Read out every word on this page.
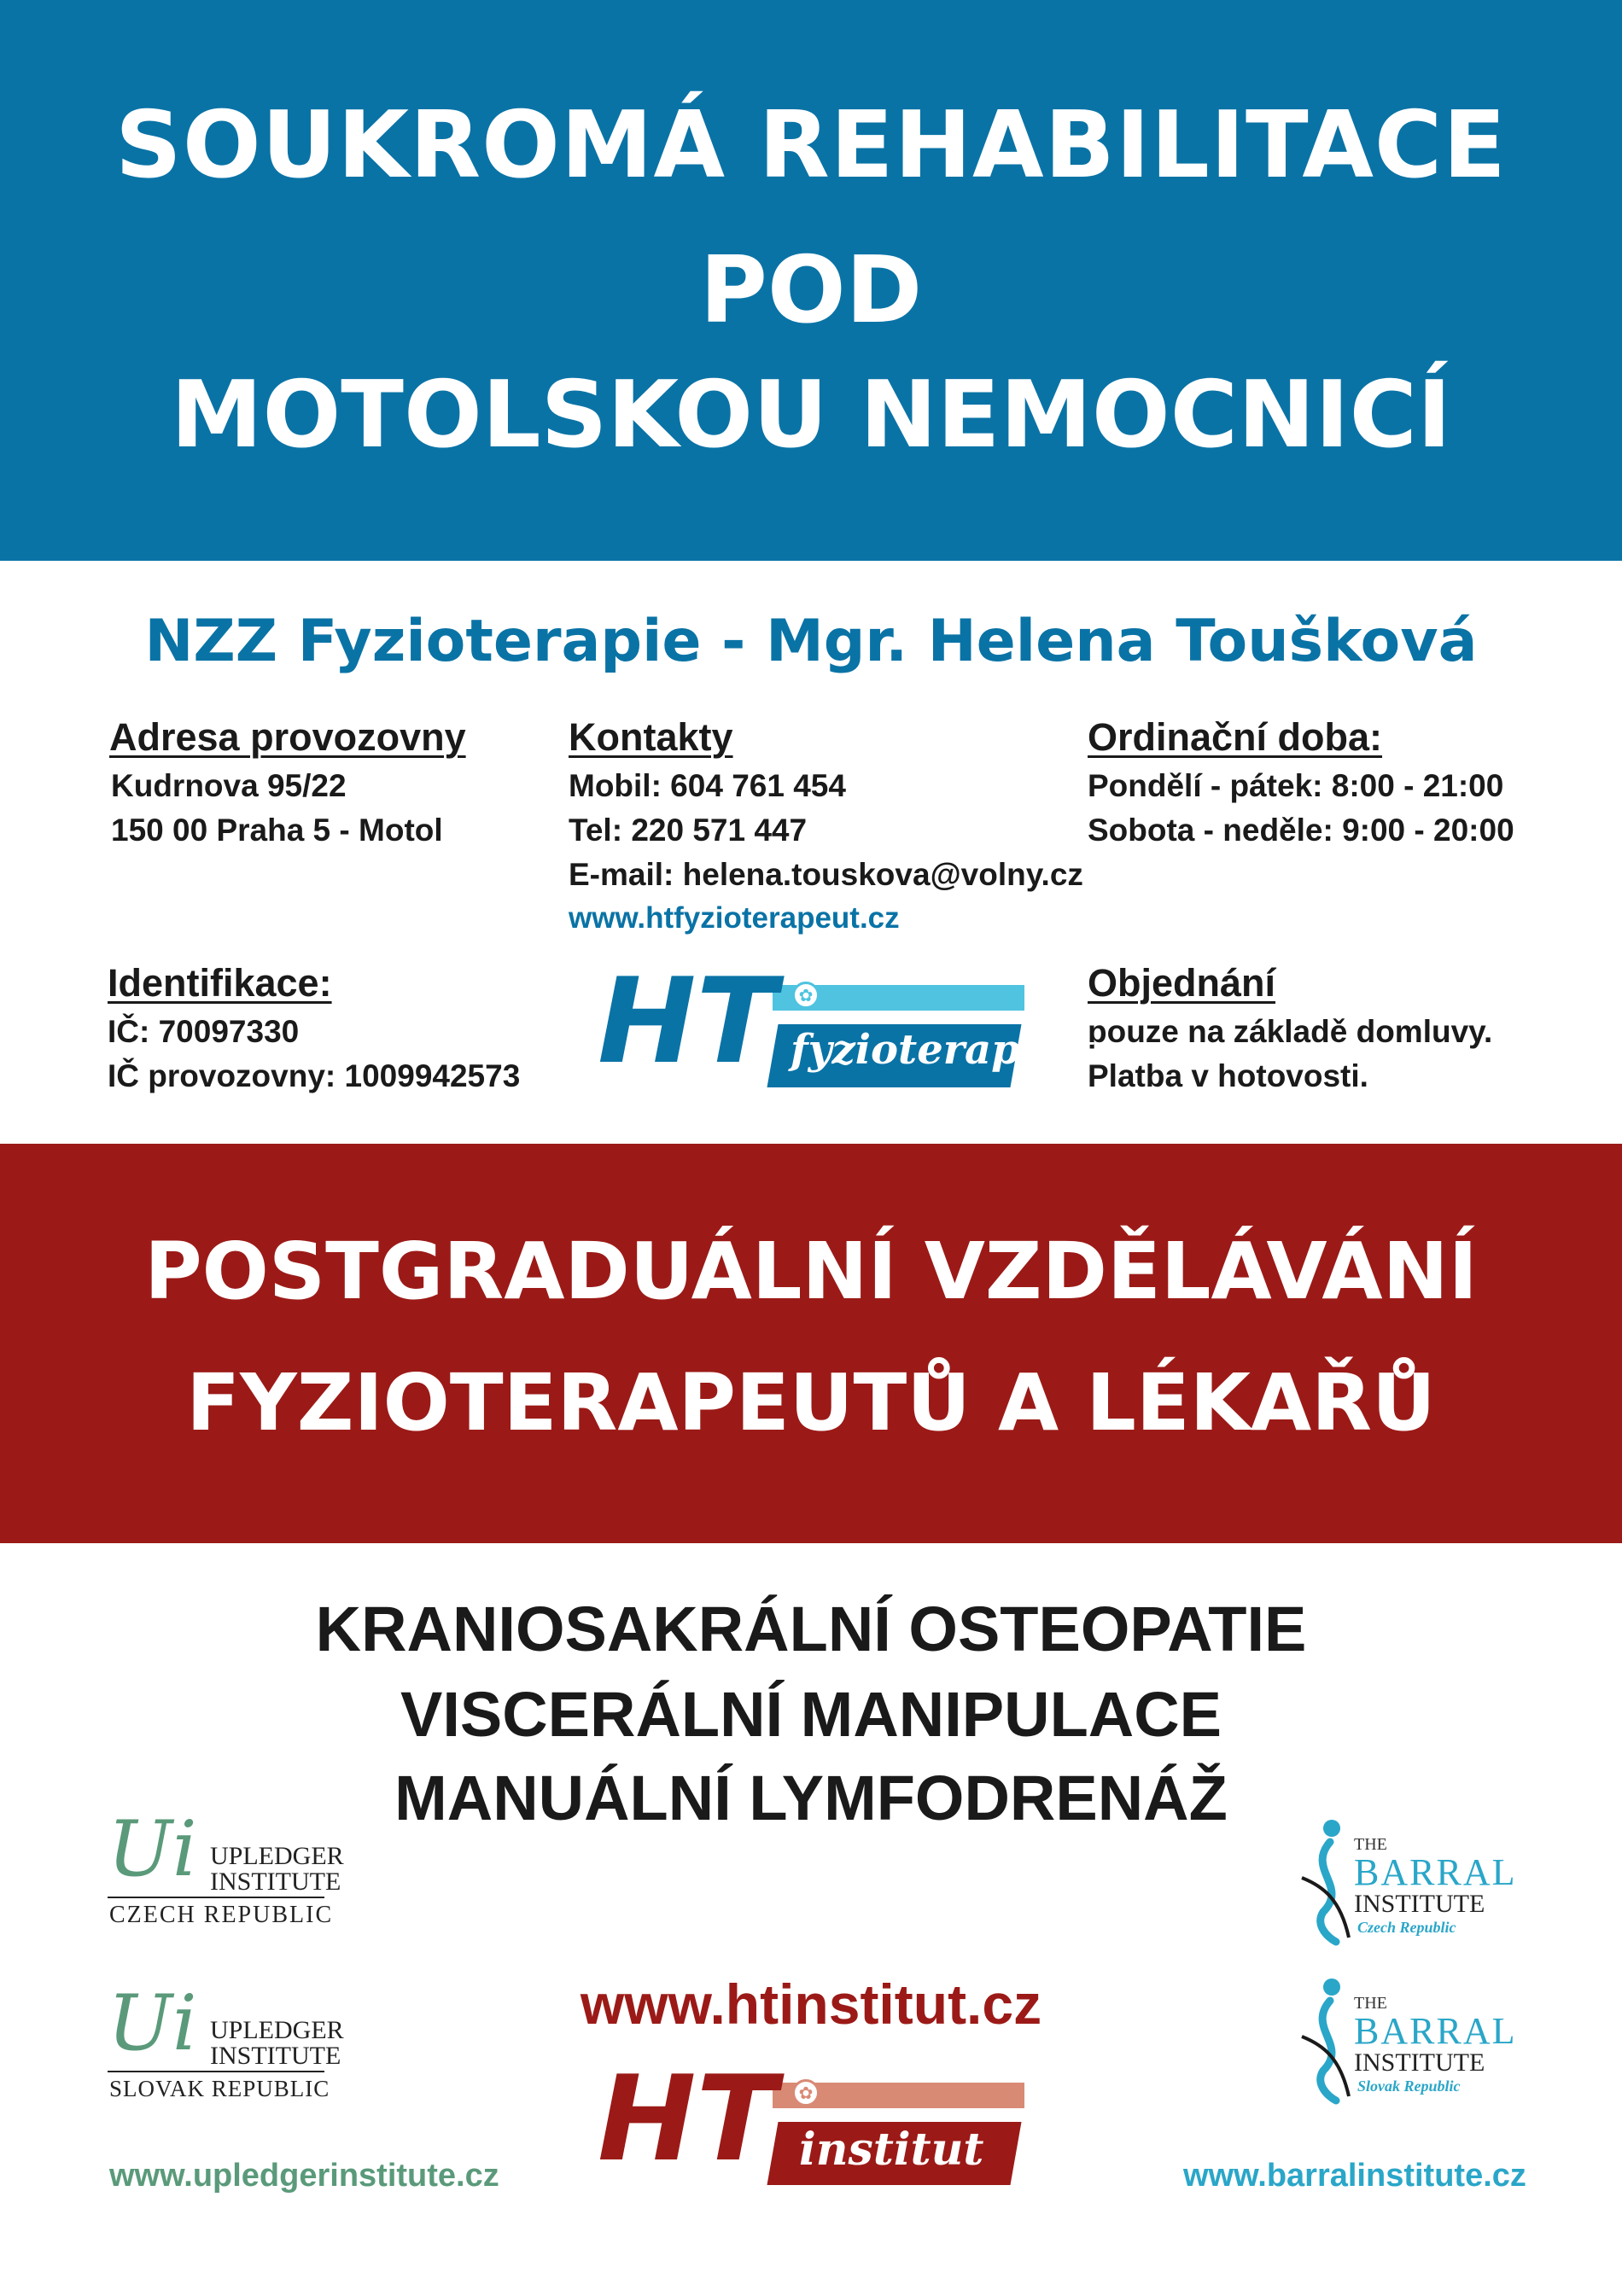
SOUKROMÁ REHABILITACE
POD
MOTOLSKOU NEMOCNICÍ
NZZ Fyzioterapie - Mgr. Helena Toušková
Adresa provozovny
Kudrnova 95/22
150 00 Praha 5 - Motol
Kontakty
Mobil: 604 761 454
Tel: 220 571 447
E-mail: helena.touskova@volny.cz
www.htfyzioterapeut.cz
Ordinační doba:
Pondělí - pátek: 8:00 - 21:00
Sobota - neděle: 9:00 - 20:00
Identifikace:
IČ: 70097330
IČ provozovny: 1009942573
Objednání
pouze na základě domluvy.
Platba v hotovosti.
fyzioterapeut
HT	✿
POSTGRADUÁLNÍ VZDĚLÁVÁNÍ
FYZIOTERAPEUTŮ A LÉKAŘŮ
KRANIOSAKRÁLNÍ OSTEOPATIE
VISCERÁLNÍ MANIPULACE
MANUÁLNÍ LYMFODRENÁŽ
Ui UPLEDGER
INSTITUTE
CZECH REPUBLIC
Ui UPLEDGER
INSTITUTE
SLOVAK REPUBLIC
THE
BARRAL
INSTITUTE
Czech Republic
THE
BARRAL
INSTITUTE
Slovak Republic
www.htinstitut.cz
institut
HT	✿
www.upledgerinstitute.cz	www.barralinstitute.cz
